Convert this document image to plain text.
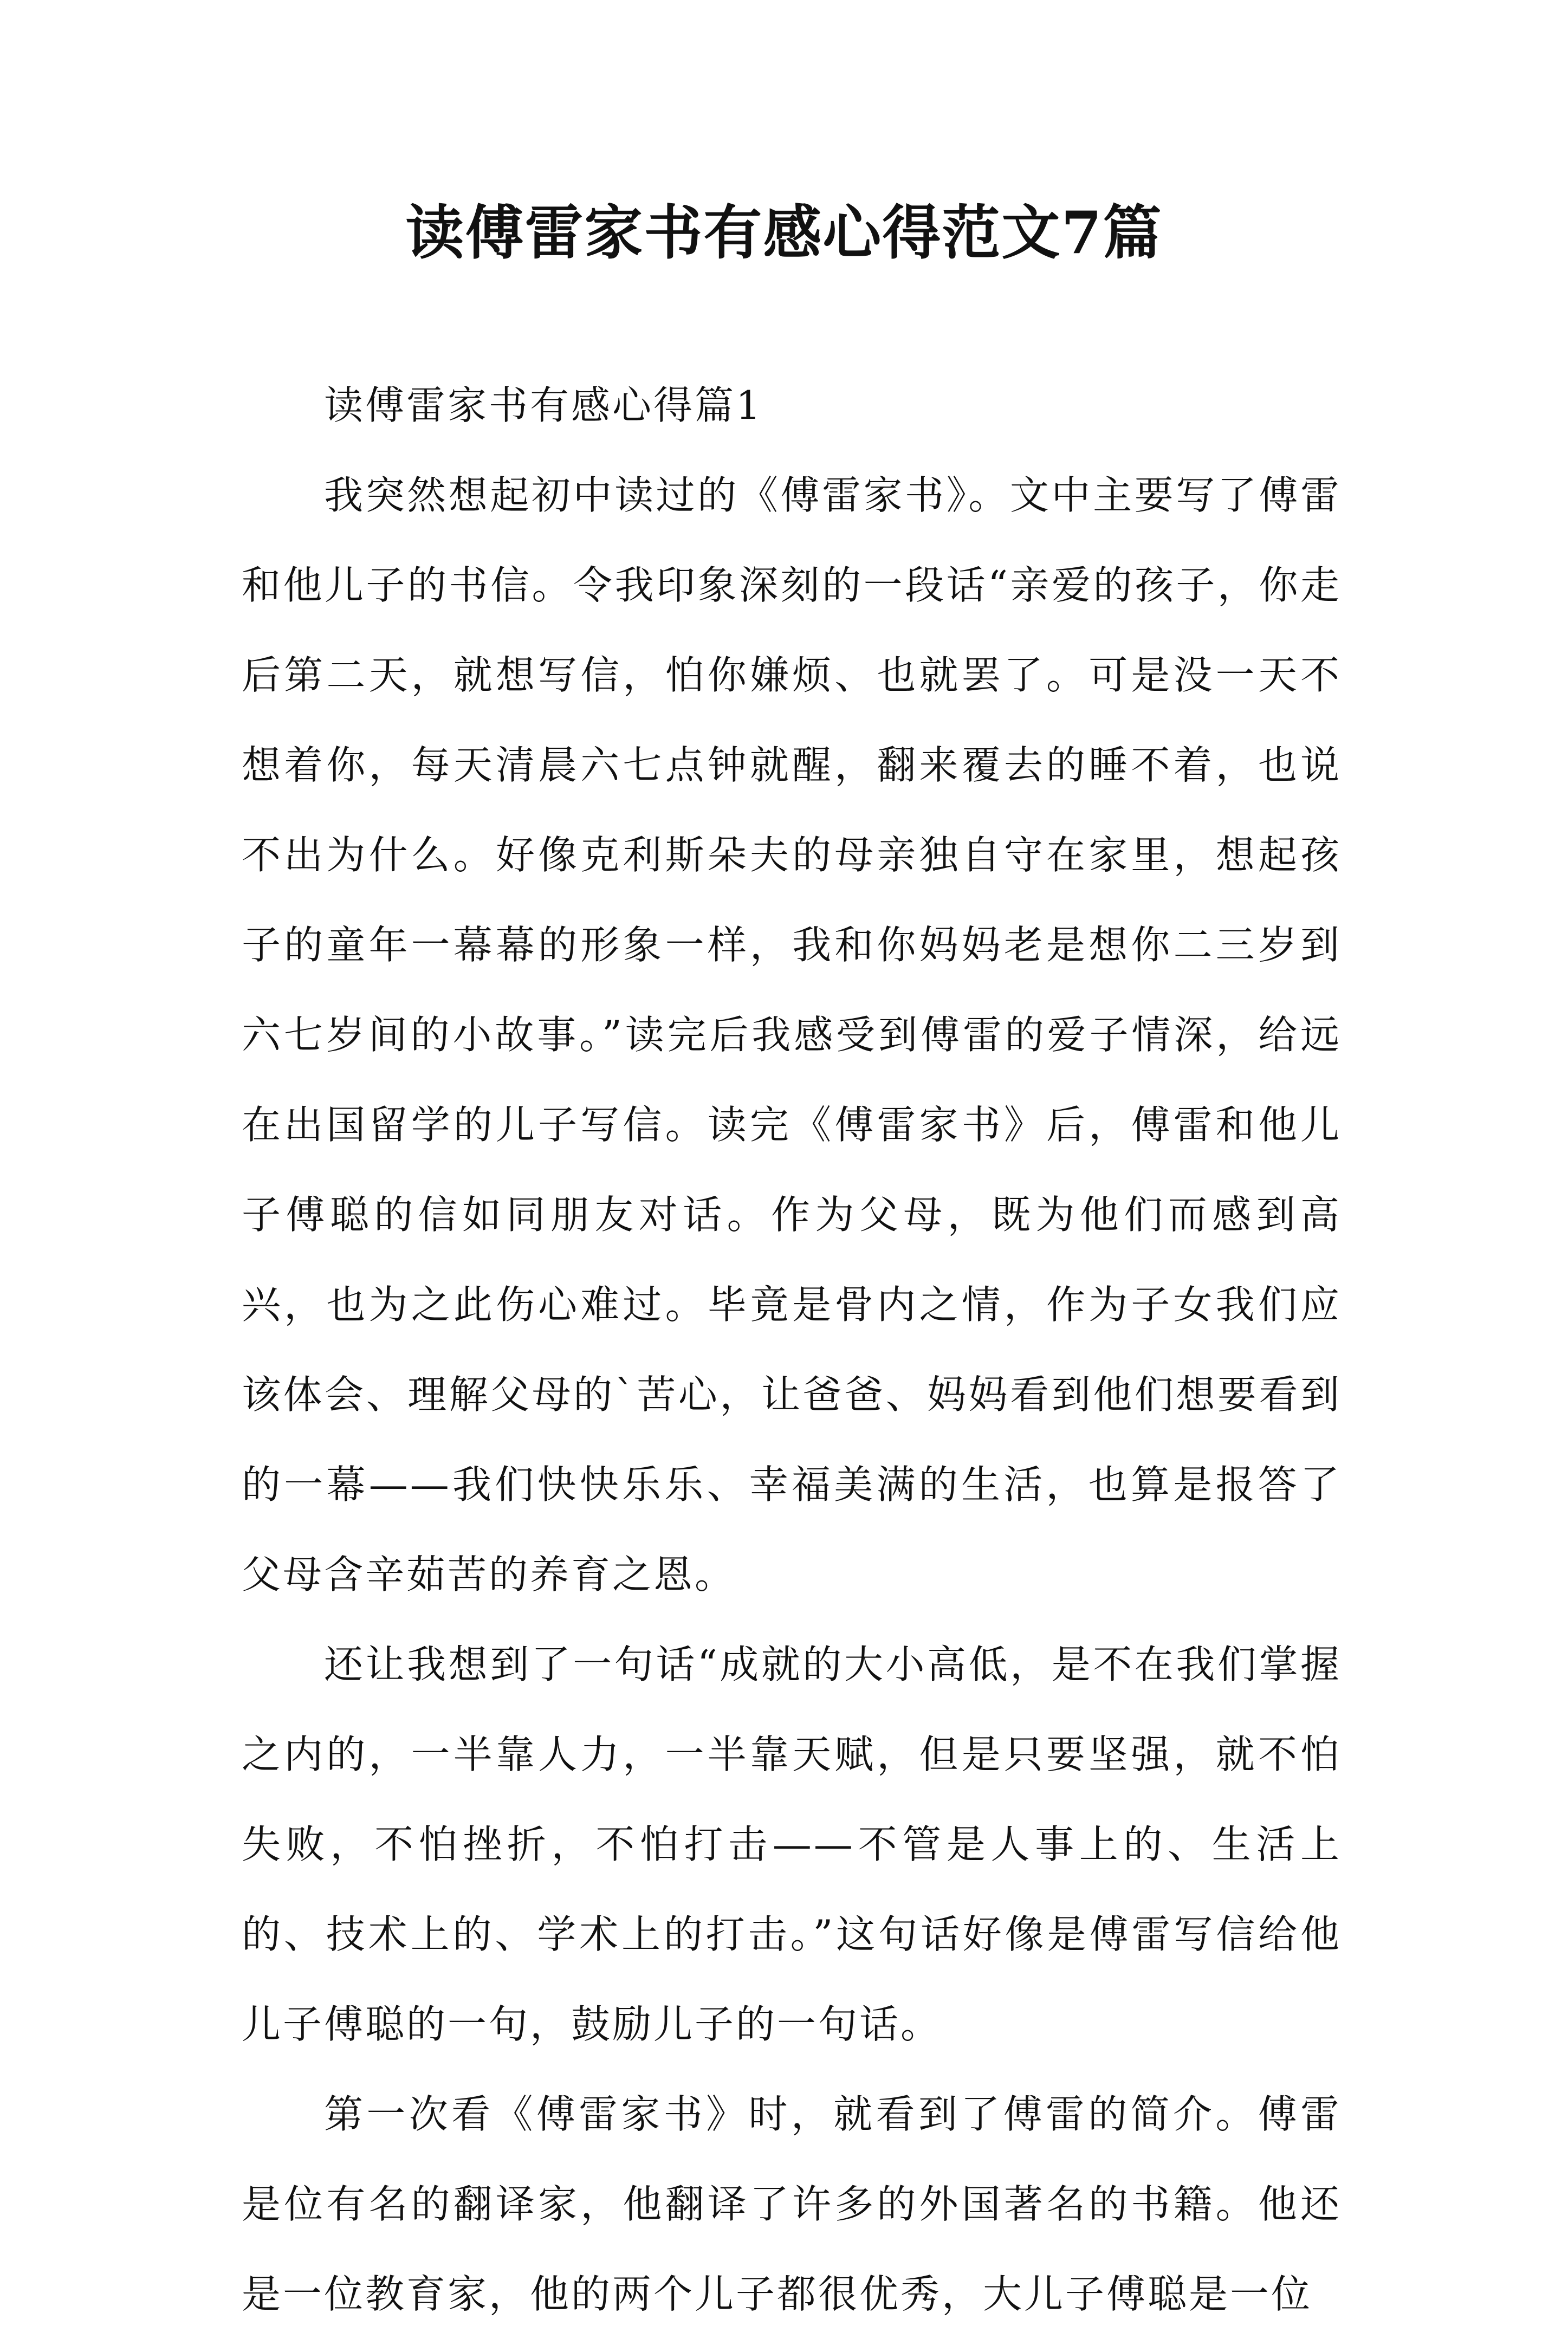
读傅雷家书有感心得范文7篇

读傅雷家书有感心得篇1

我突然想起初中读过的《傅雷家书》。文中主要写了傅雷和他儿子的书信。令我印象深刻的一段话“亲爱的孩子，你走后第二天，就想写信，怕你嫌烦、也就罢了。可是没一天不想着你，每天清晨六七点钟就醒，翻来覆去的睡不着，也说不出为什么。好像克利斯朵夫的母亲独自守在家里，想起孩子的童年一幕幕的形象一样，我和你妈妈老是想你二三岁到六七岁间的小故事。”读完后我感受到傅雷的爱子情深，给远在出国留学的儿子写信。读完《傅雷家书》后，傅雷和他儿子傅聪的信如同朋友对话。作为父母，既为他们而感到高兴，也为之此伤心难过。毕竟是骨内之情，作为子女我们应该体会、理解父母的`苦心，让爸爸、妈妈看到他们想要看到的一幕——我们快快乐乐、幸福美满的生活，也算是报答了父母含辛茹苦的养育之恩。

还让我想到了一句话“成就的大小高低，是不在我们掌握之内的，一半靠人力，一半靠天赋，但是只要坚强，就不怕失败，不怕挫折，不怕打击——不管是人事上的、生活上的、技术上的、学术上的打击。”这句话好像是傅雷写信给他儿子傅聪的一句，鼓励儿子的一句话。

第一次看《傅雷家书》时，就看到了傅雷的简介。傅雷是位有名的翻译家，他翻译了许多的外国著名的书籍。他还是一位教育家，他的两个儿子都很优秀，大儿子傅聪是一位
